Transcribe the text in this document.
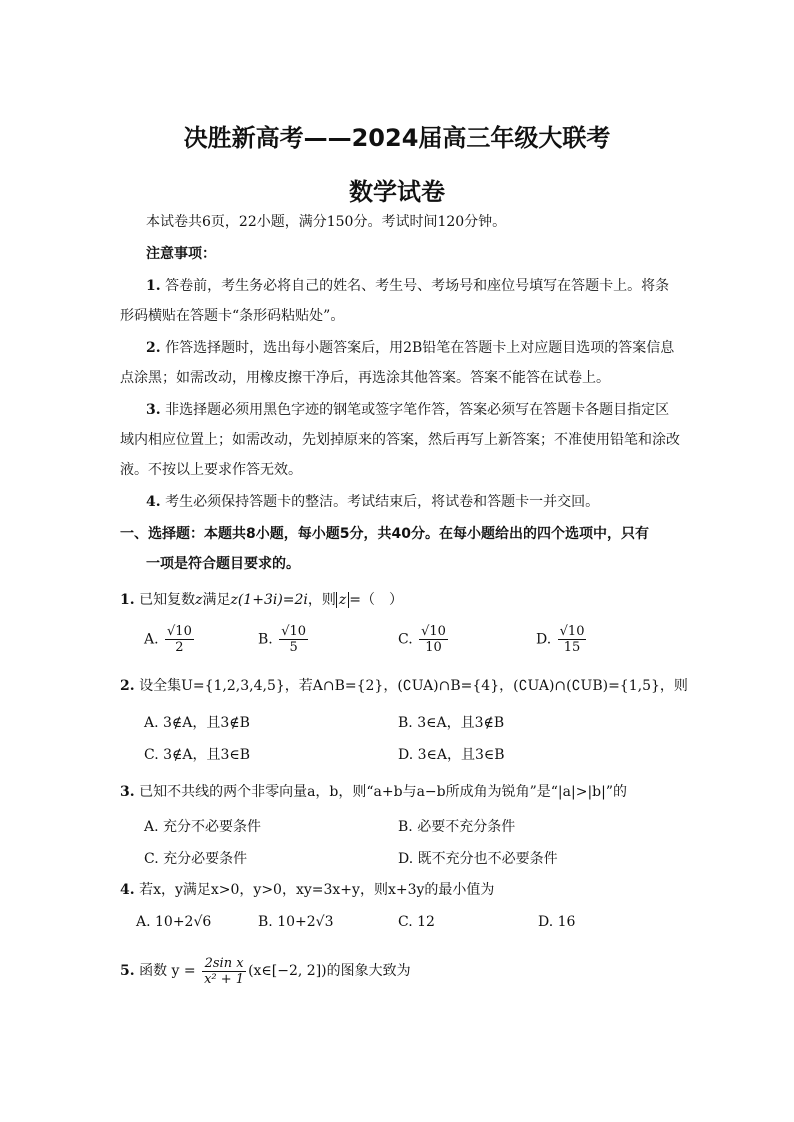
决胜新高考——2024届高三年级大联考
数学试卷
本试卷共6页，22小题，满分150分。考试时间120分钟。
注意事项：
1. 答卷前，考生务必将自己的姓名、考生号、考场号和座位号填写在答题卡上。将条
形码横贴在答题卡“条形码粘贴处”。
2. 作答选择题时，选出每小题答案后，用2B铅笔在答题卡上对应题目选项的答案信息
点涂黑；如需改动，用橡皮擦干净后，再选涂其他答案。答案不能答在试卷上。
3. 非选择题必须用黑色字迹的钢笔或签字笔作答，答案必须写在答题卡各题目指定区
域内相应位置上；如需改动，先划掉原来的答案，然后再写上新答案；不准使用铅笔和涂改
液。不按以上要求作答无效。
4. 考生必须保持答题卡的整洁。考试结束后，将试卷和答题卡一并交回。
一、选择题：本题共8小题，每小题5分，共40分。在每小题给出的四个选项中，只有
一项是符合题目要求的。
1. 已知复数z满足z(1+3i)=2i，则 z =（　）
A. $\frac{√10}{2}$	B. $\frac{√10}{5}$	C. $\frac{√10}{10}$	D. $\frac{√10}{15}$
2. 设全集U={1,2,3,4,5}，若A∩B={2}，(∁UA)∩B={4}，(∁UA)∩(∁UB)={1,5}，则
A. 3∉A，且3∉B	B. 3∈A，且3∉B
C. 3∉A，且3∈B	D. 3∈A，且3∈B
3. 已知不共线的两个非零向量a，b，则“a+b与a−b所成角为锐角”是“|a|>|b|”的
A. 充分不必要条件	B. 必要不充分条件
C. 充分必要条件	D. 既不充分也不必要条件
4. 若x，y满足x>0，y>0，xy=3x+y，则x+3y的最小值为
A. 10+2√6	B. 10+2√3	C. 12	D. 16
5. 函数 $y = \frac{\text{2sin x}}{\text{x² + 1}}$ (x∈[−2, 2])的图象大致为
